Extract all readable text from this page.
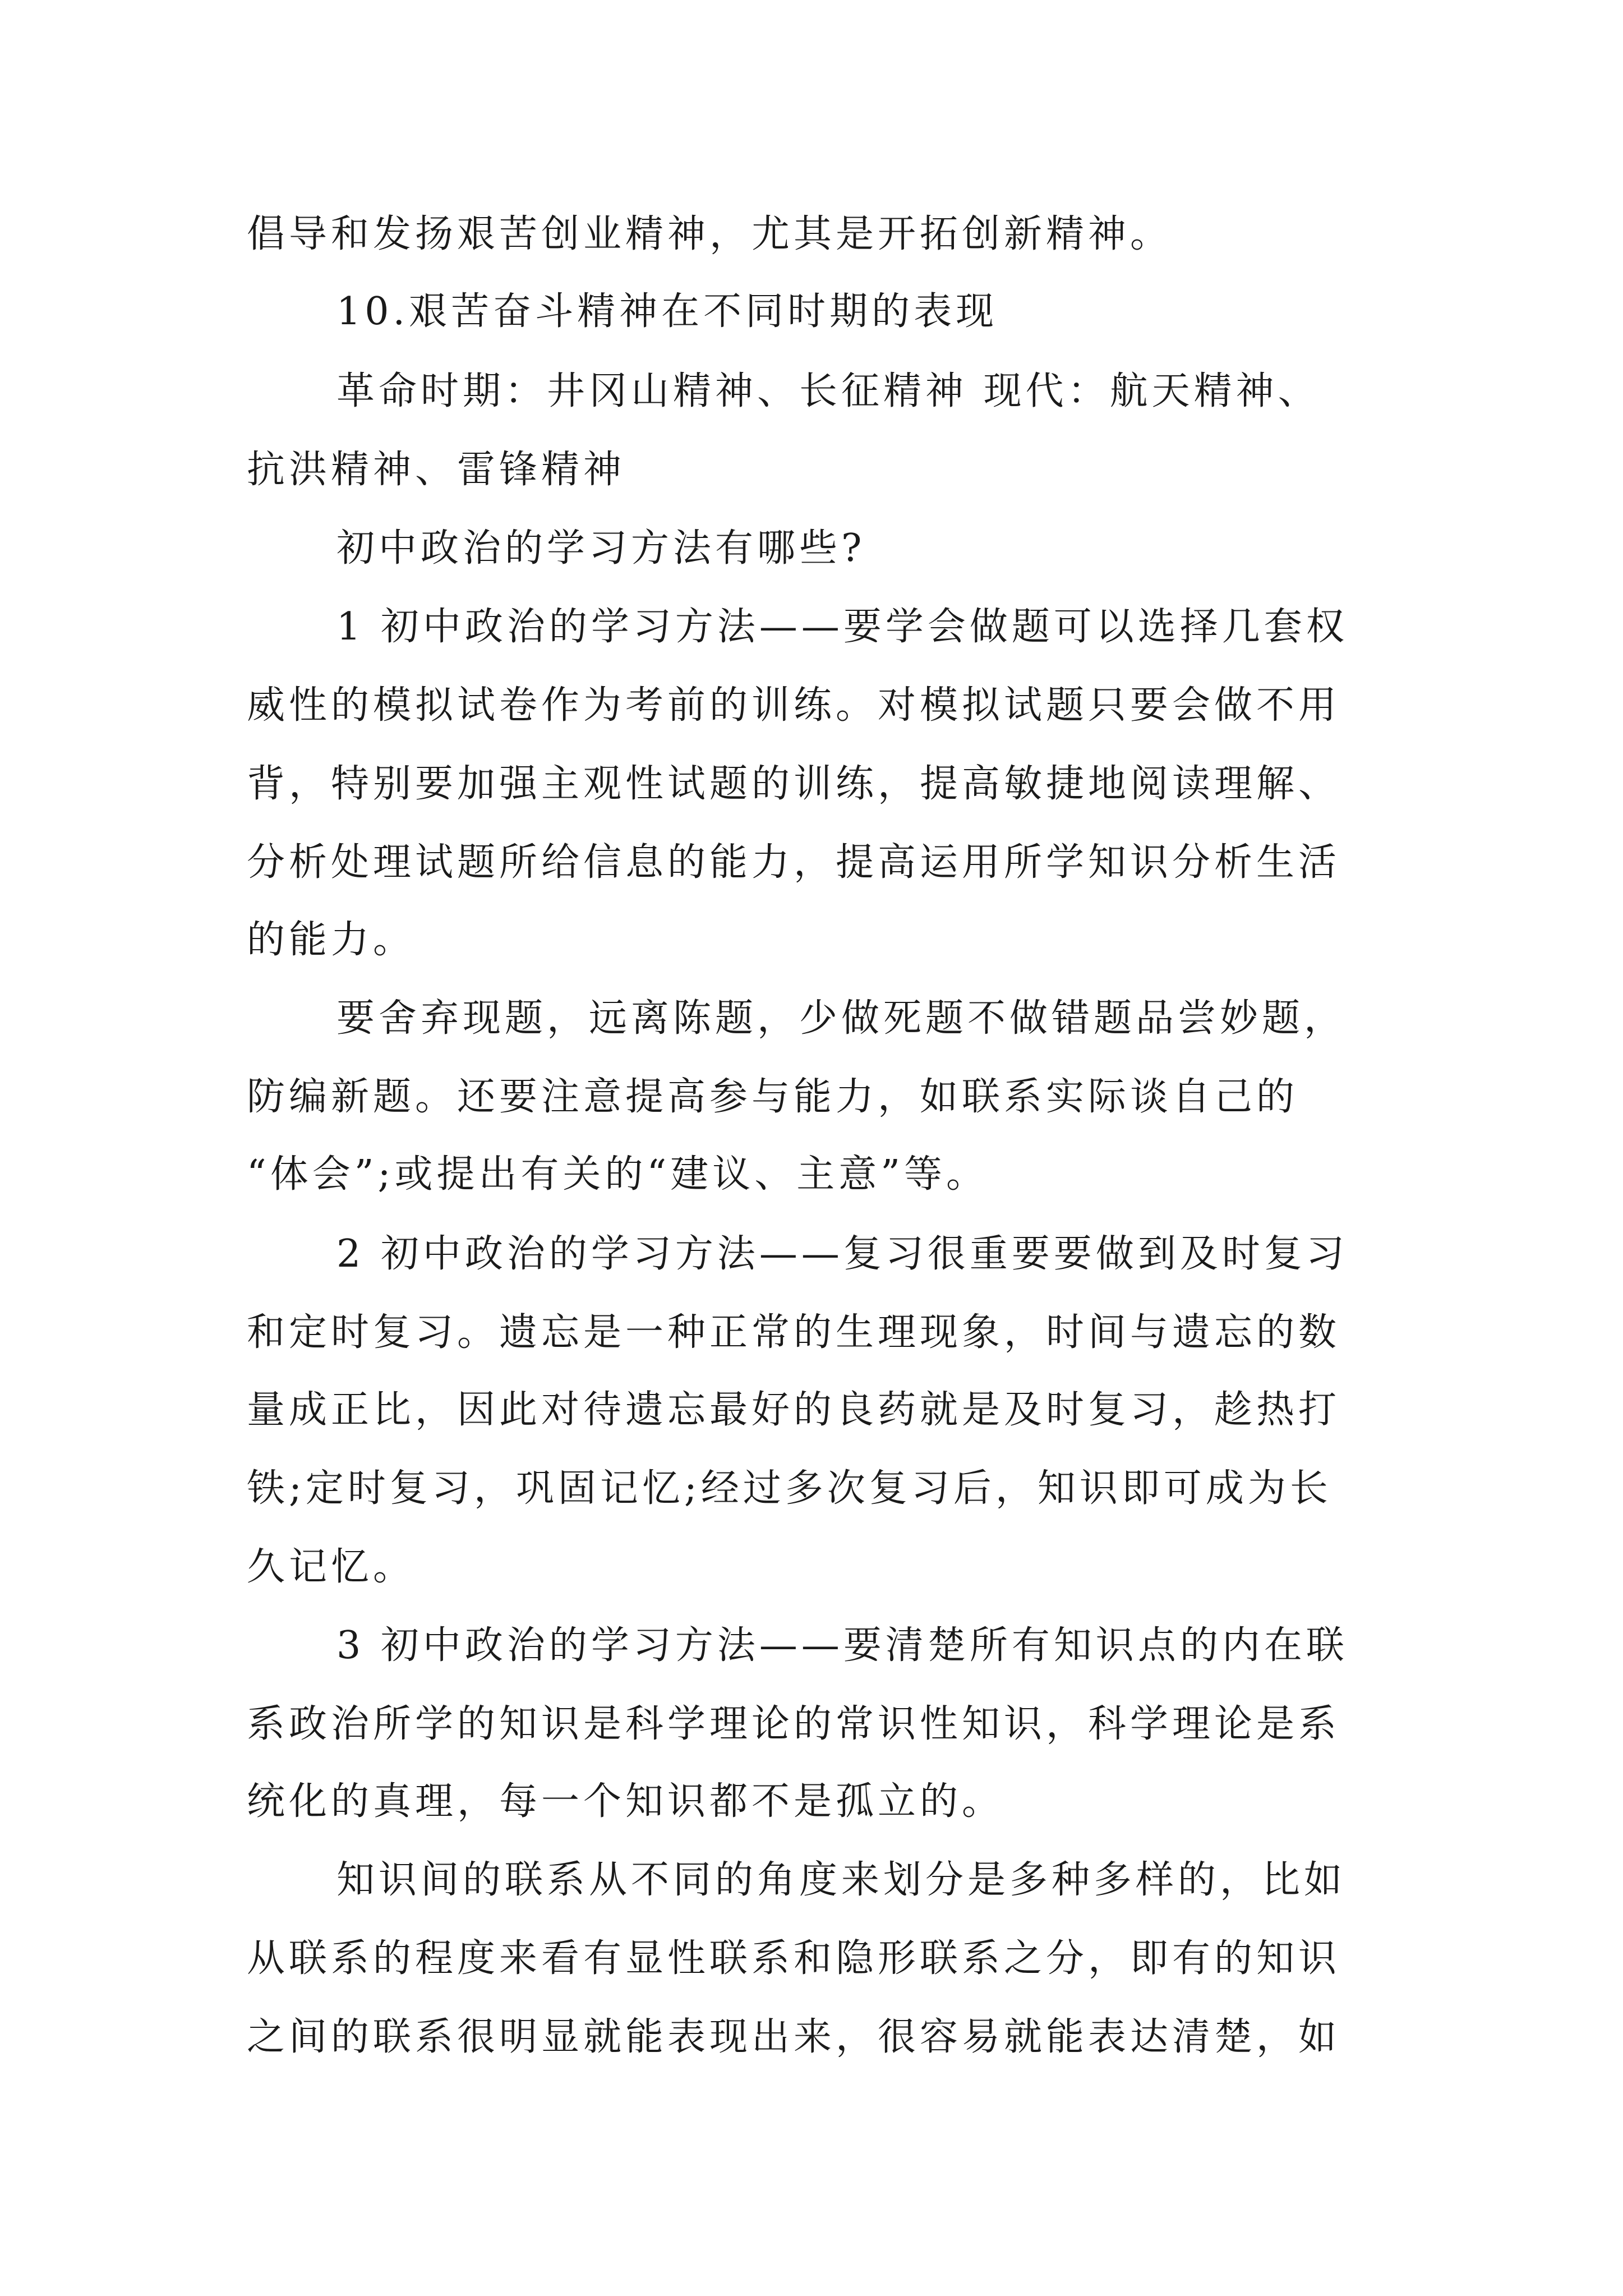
倡导和发扬艰苦创业精神，尤其是开拓创新精神。
10.艰苦奋斗精神在不同时期的表现
革命时期：井冈山精神、长征精神 现代：航天精神、
抗洪精神、雷锋精神
初中政治的学习方法有哪些?
1 初中政治的学习方法——要学会做题可以选择几套权
威性的模拟试卷作为考前的训练。对模拟试题只要会做不用
背，特别要加强主观性试题的训练，提高敏捷地阅读理解、
分析处理试题所给信息的能力，提高运用所学知识分析生活
的能力。
要舍弃现题，远离陈题，少做死题不做错题品尝妙题，
防编新题。还要注意提高参与能力，如联系实际谈自己的
“体会”;或提出有关的“建议、主意”等。
2 初中政治的学习方法——复习很重要要做到及时复习
和定时复习。遗忘是一种正常的生理现象，时间与遗忘的数
量成正比，因此对待遗忘最好的良药就是及时复习，趁热打
铁;定时复习，巩固记忆;经过多次复习后，知识即可成为长
久记忆。
3 初中政治的学习方法——要清楚所有知识点的内在联
系政治所学的知识是科学理论的常识性知识，科学理论是系
统化的真理，每一个知识都不是孤立的。
知识间的联系从不同的角度来划分是多种多样的，比如
从联系的程度来看有显性联系和隐形联系之分，即有的知识
之间的联系很明显就能表现出来，很容易就能表达清楚，如
